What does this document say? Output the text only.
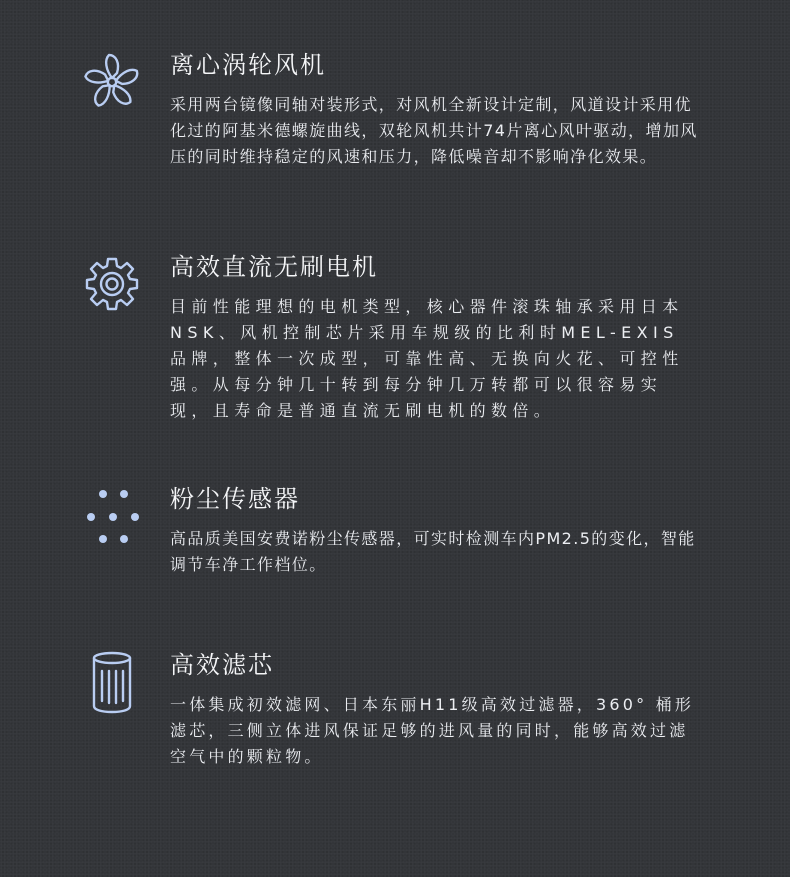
离心涡轮风机

采用两台镜像同轴对装形式，对风机全新设计定制，风道设计采用优化过的阿基米德螺旋曲线，双轮风机共计74片离心风叶驱动，增加风压的同时维持稳定的风速和压力，降低噪音却不影响净化效果。

高效直流无刷电机

目前性能理想的电机类型，核心器件滚珠轴承采用日本NSK、风机控制芯片采用车规级的比利时MEL-EXIS品牌，整体一次成型，可靠性高、无换向火花、可控性强。从每分钟几十转到每分钟几万转都可以很容易实现，且寿命是普通直流无刷电机的数倍。

粉尘传感器

高品质美国安费诺粉尘传感器，可实时检测车内PM2.5的变化，智能调节车净工作档位。

高效滤芯

一体集成初效滤网、日本东丽H11级高效过滤器，360° 桶形滤芯，三侧立体进风保证足够的进风量的同时，能够高效过滤空气中的颗粒物。
